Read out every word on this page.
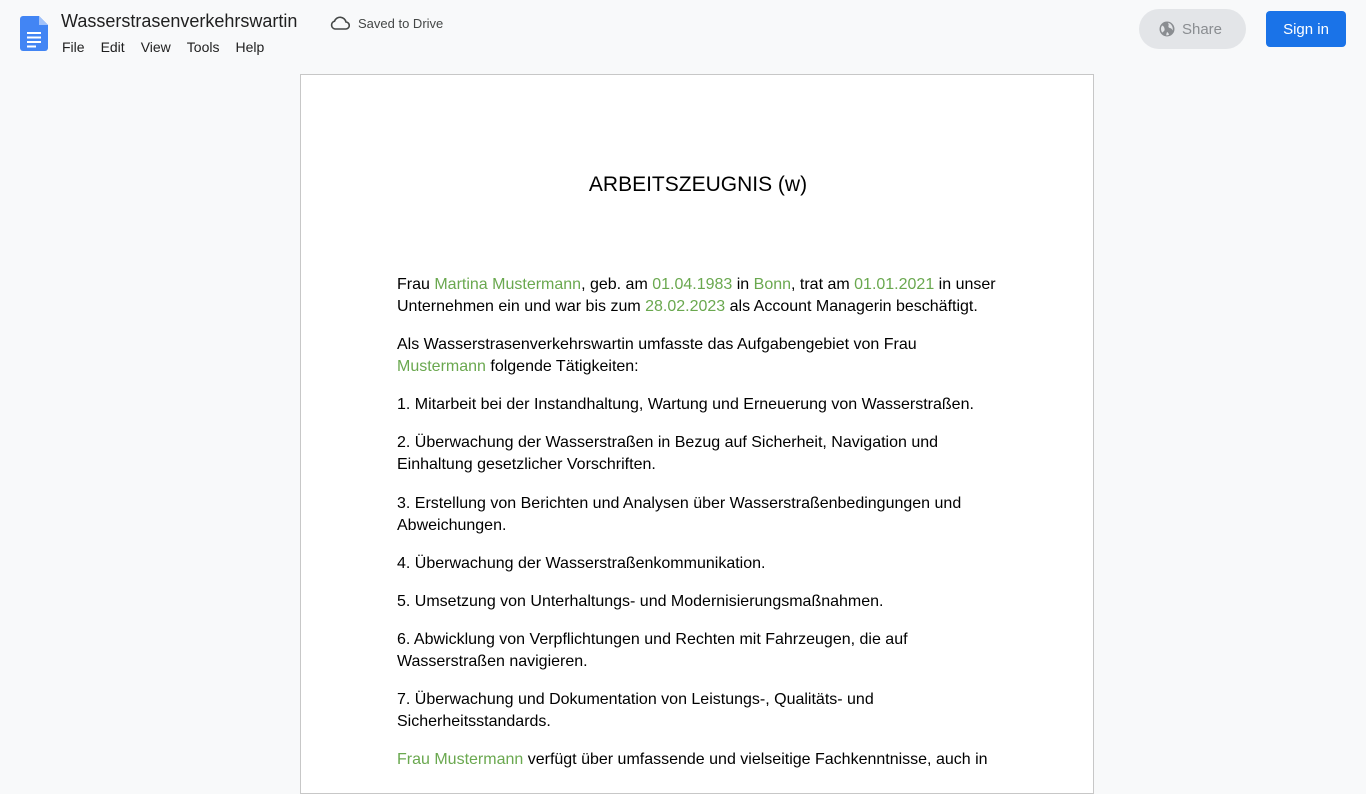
Wasserstrasenverkehrswartin	Saved to Drive
File	Edit	View	Tools	Help
Share	Sign in
ARBEITSZEUGNIS (w)

Frau Martina Mustermann, geb. am 01.04.1983 in Bonn, trat am 01.01.2021 in unser Unternehmen ein und war bis zum 28.02.2023 als Account Managerin beschäftigt.

Als Wasserstrasenverkehrswartin umfasste das Aufgabengebiet von Frau Mustermann folgende Tätigkeiten:

1. Mitarbeit bei der Instandhaltung, Wartung und Erneuerung von Wasserstraßen.

2. Überwachung der Wasserstraßen in Bezug auf Sicherheit, Navigation und Einhaltung gesetzlicher Vorschriften.

3. Erstellung von Berichten und Analysen über Wasserstraßenbedingungen und Abweichungen.

4. Überwachung der Wasserstraßenkommunikation.

5. Umsetzung von Unterhaltungs- und Modernisierungsmaßnahmen.

6. Abwicklung von Verpflichtungen und Rechten mit Fahrzeugen, die auf Wasserstraßen navigieren.

7. Überwachung und Dokumentation von Leistungs-, Qualitäts- und Sicherheitsstandards.

Frau Mustermann verfügt über umfassende und vielseitige Fachkenntnisse, auch in
